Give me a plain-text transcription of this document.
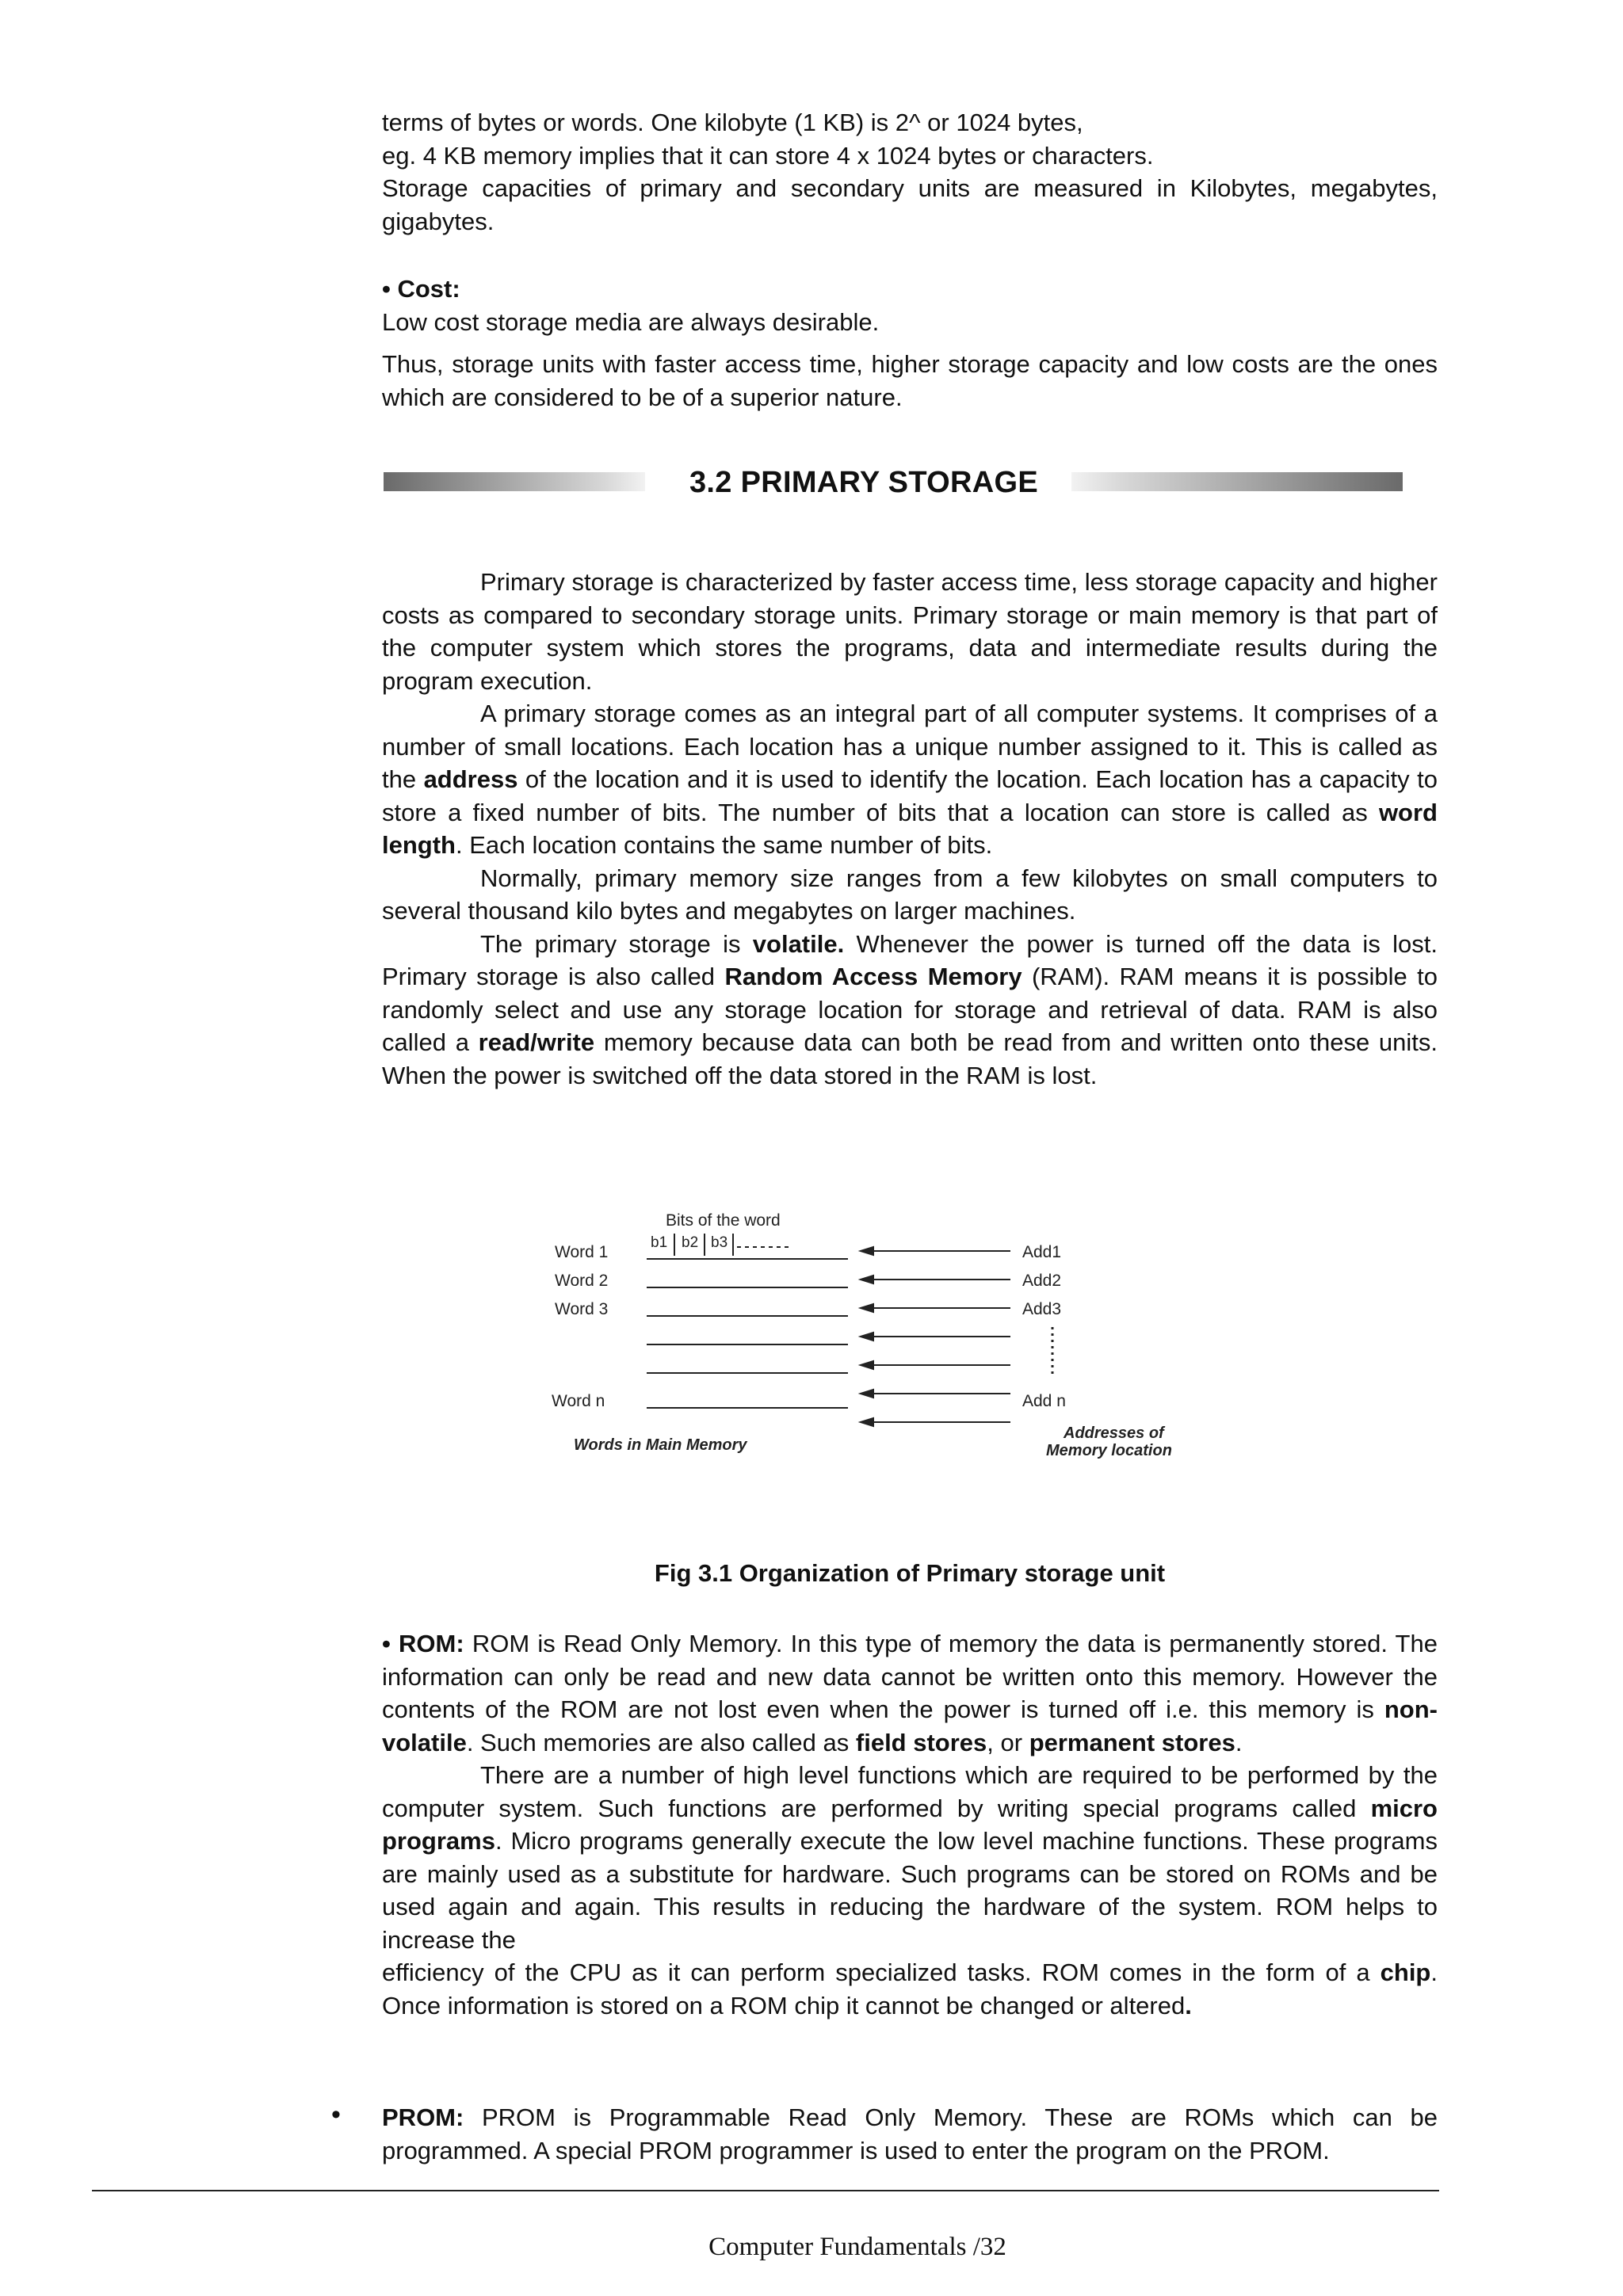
terms of bytes or words. One kilobyte (1 KB) is 2^ or 1024 bytes,

eg. 4 KB memory implies that it can store 4 x 1024 bytes or characters.

Storage capacities of primary and secondary units are measured in Kilobytes, megabytes, gigabytes.

• Cost:

Low cost storage media are always desirable.

Thus, storage units with faster access time, higher storage capacity and low costs are the ones which are considered to be of a superior nature.

3.2 PRIMARY STORAGE

Primary storage is characterized by faster access time, less storage capacity and higher costs as compared to secondary storage units. Primary storage or main memory is that part of the computer system which stores the programs, data and intermediate results during the program execution.

A primary storage comes as an integral part of all computer systems. It comprises of a number of small locations. Each location has a unique number assigned to it. This is called as the address of the location and it is used to identify the location. Each location has a capacity to store a fixed number of bits. The number of bits that a location can store is called as word length. Each location contains the same number of bits.

Normally, primary memory size ranges from a few kilobytes on small computers to several thousand kilo bytes and megabytes on larger machines.

The primary storage is volatile. Whenever the power is turned off the data is lost. Primary storage is also called Random Access Memory (RAM). RAM means it is possible to randomly select and use any storage location for storage and retrieval of data. RAM is also called a read/write memory because data can both be read from and written onto these units. When the power is switched off the data stored in the RAM is lost.

Bits of the word
b1 b2 b3
Word 1
Word 2
Word 3
Word n
Add1
Add2
Add3
Add n
Words in Main Memory
Addresses of
Memory location
Fig 3.1 Organization of Primary storage unit

• ROM: ROM is Read Only Memory. In this type of memory the data is permanently stored. The information can only be read and new data cannot be written onto this memory. However the contents of the ROM are not lost even when the power is turned off i.e. this memory is non-volatile. Such memories are also called as field stores, or permanent stores.

There are a number of high level functions which are required to be performed by the computer system. Such functions are performed by writing special programs called micro programs. Micro programs generally execute the low level machine functions. These programs are mainly used as a substitute for hardware. Such programs can be stored on ROMs and be used again and again. This results in reducing the hardware of the system. ROM helps to increase the

efficiency of the CPU as it can perform specialized tasks. ROM comes in the form of a chip. Once information is stored on a ROM chip it cannot be changed or altered.

• PROM: PROM is Programmable Read Only Memory. These are ROMs which can be programmed. A special PROM programmer is used to enter the program on the PROM.

Computer Fundamentals /32
